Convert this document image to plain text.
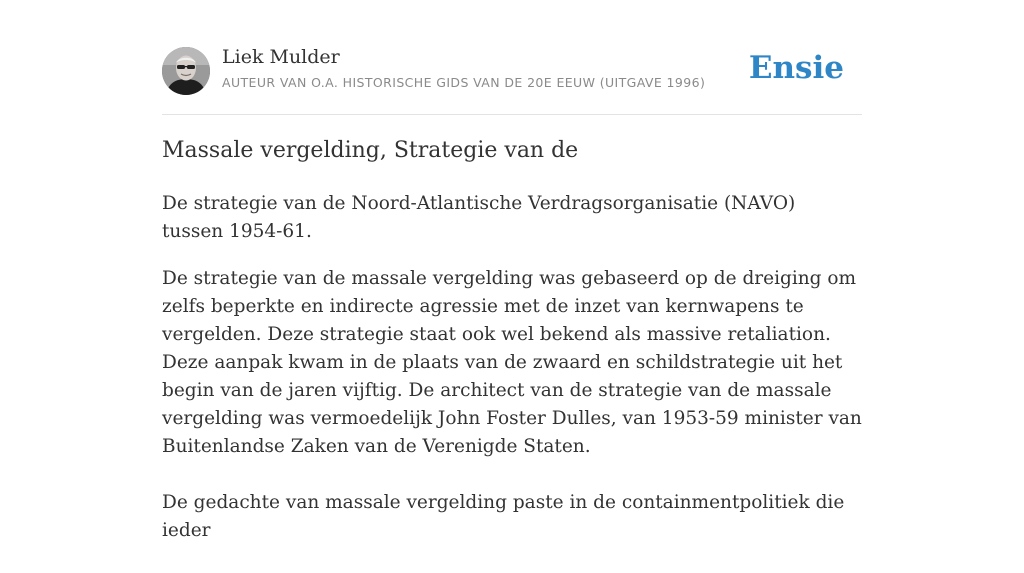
Liek Mulder
AUTEUR VAN O.A. HISTORISCHE GIDS VAN DE 20E EEUW (UITGAVE 1996) Ensie
Massale vergelding, Strategie van de

De strategie van de Noord-Atlantische Verdragsorganisatie (NAVO) tussen 1954-61.

De strategie van de massale vergelding was gebaseerd op de dreiging om zelfs beperkte en indirecte agressie met de inzet van kernwapens te vergelden. Deze strategie staat ook wel bekend als massive retaliation. Deze aanpak kwam in de plaats van de zwaard en schildstrategie uit het begin van de jaren vijftig. De architect van de strategie van de massale vergelding was vermoedelijk John Foster Dulles, van 1953-59 minister van Buitenlandse Zaken van de Verenigde Staten.

De gedachte van massale vergelding paste in de containmentpolitiek die ieder
